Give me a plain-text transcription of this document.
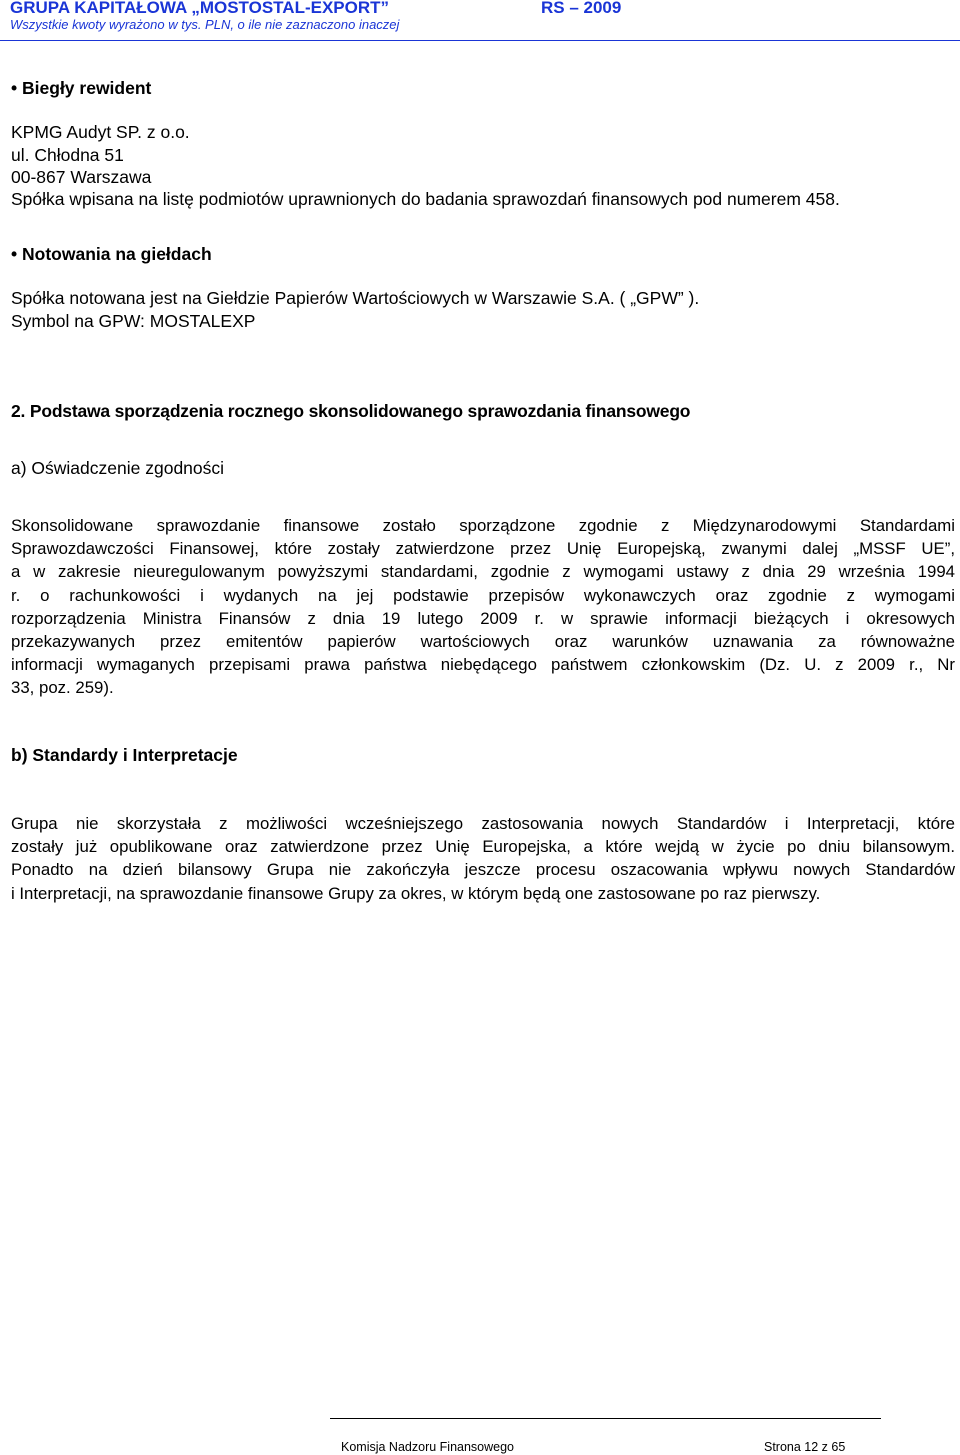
GRUPA KAPITAŁOWA „MOSTOSTAL-EXPORT”	RS – 2009
Wszystkie kwoty wyrażono w tys. PLN, o ile nie zaznaczono inaczej
• Biegły rewident
KPMG Audyt SP. z o.o.
ul. Chłodna 51
00-867 Warszawa
Spółka wpisana na listę podmiotów uprawnionych do badania sprawozdań finansowych pod numerem 458.
• Notowania na giełdach
Spółka notowana jest na Giełdzie Papierów Wartościowych w Warszawie S.A. ( „GPW” ).
Symbol na GPW: MOSTALEXP
2. Podstawa sporządzenia rocznego skonsolidowanego sprawozdania finansowego
a) Oświadczenie zgodności
Skonsolidowane sprawozdanie finansowe zostało sporządzone zgodnie z Międzynarodowymi Standardami
Sprawozdawczości Finansowej, które zostały zatwierdzone przez Unię Europejską, zwanymi dalej „MSSF UE”,
a w zakresie nieuregulowanym powyższymi standardami, zgodnie z wymogami ustawy z dnia 29 września 1994
r. o rachunkowości i wydanych na jej podstawie przepisów wykonawczych oraz zgodnie z wymogami
rozporządzenia Ministra Finansów z dnia 19 lutego 2009 r. w sprawie informacji bieżących i okresowych
przekazywanych przez emitentów papierów wartościowych oraz warunków uznawania za równoważne
informacji wymaganych przepisami prawa państwa niebędącego państwem członkowskim (Dz. U. z 2009 r., Nr
33, poz. 259).
b) Standardy i Interpretacje
Grupa nie skorzystała z możliwości wcześniejszego zastosowania nowych Standardów i Interpretacji, które
zostały już opublikowane oraz zatwierdzone przez Unię Europejska, a które wejdą w życie po dniu bilansowym.
Ponadto na dzień bilansowy Grupa nie zakończyła jeszcze procesu oszacowania wpływu nowych Standardów
i Interpretacji, na sprawozdanie finansowe Grupy za okres, w którym będą one zastosowane po raz pierwszy.
Komisja Nadzoru Finansowego	Strona 12 z 65
